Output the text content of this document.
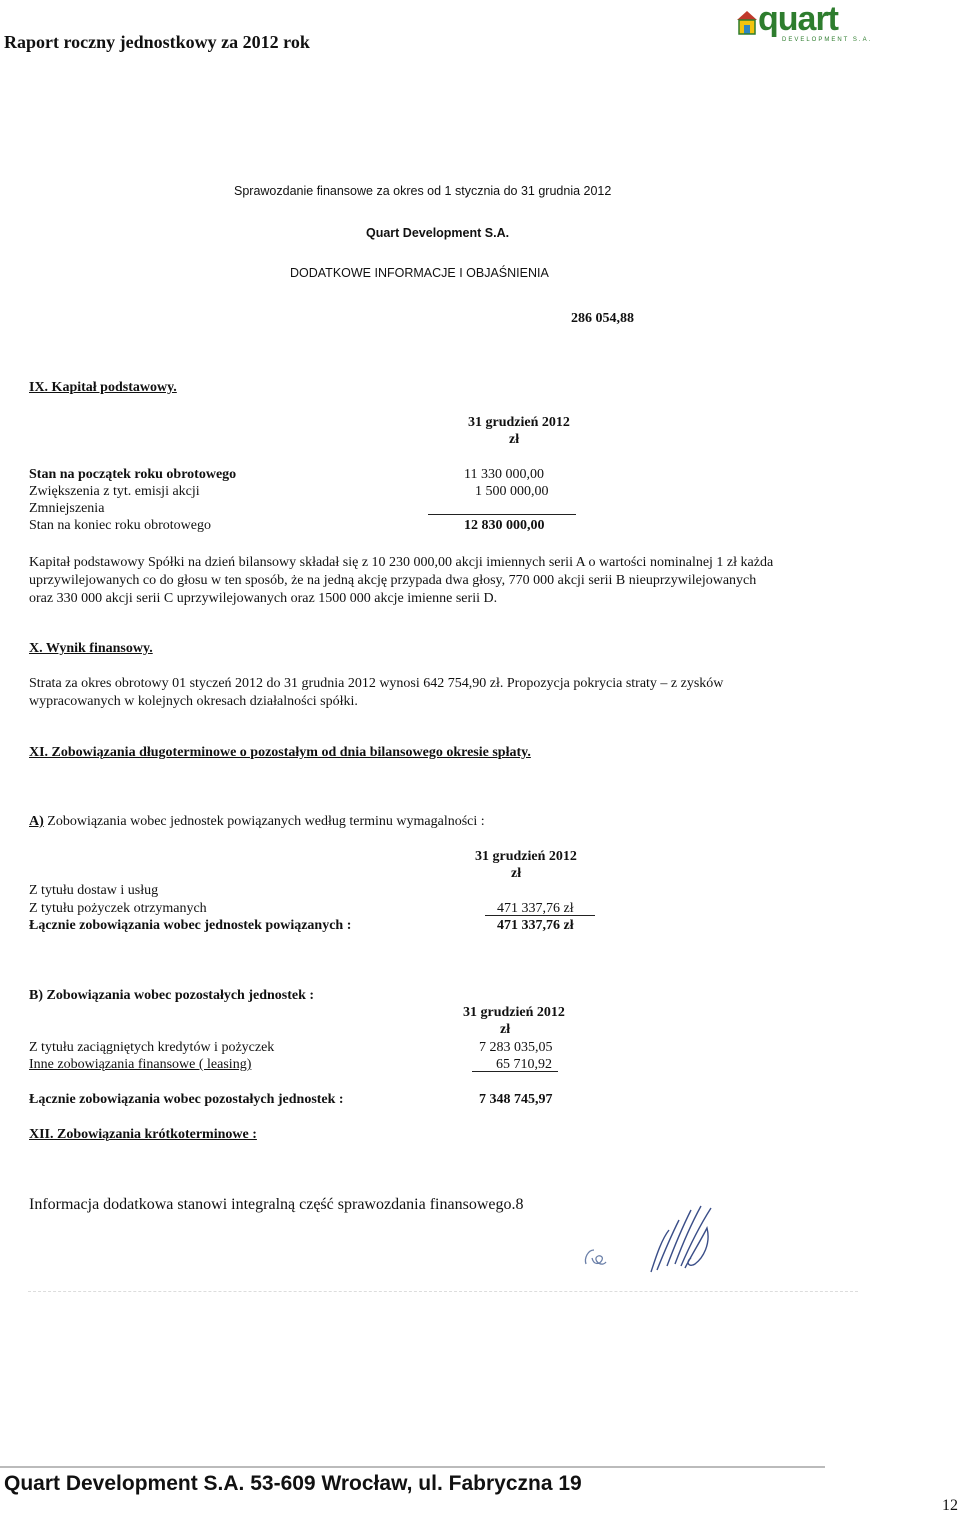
Raport roczny jednostkowy za 2012 rok
quart
DEVELOPMENT S.A.
Sprawozdanie finansowe za okres od 1 stycznia do 31 grudnia 2012
Quart Development S.A.
DODATKOWE INFORMACJE I OBJAŚNIENIA
286 054,88
IX. Kapitał podstawowy.
31 grudzień 2012
zł
Stan na początek roku obrotowego	11 330 000,00
Zwiększenia z tyt. emisji akcji	1 500 000,00
Zmniejszenia
Stan na koniec roku obrotowego	12 830 000,00
Kapitał podstawowy Spółki na dzień bilansowy składał się z 10 230 000,00 akcji imiennych serii A o wartości nominalnej 1 zł każda uprzywilejowanych co do głosu w ten sposób, że na jedną akcję przypada dwa głosy, 770 000 akcji serii B nieuprzywilejowanych oraz 330 000 akcji serii C uprzywilejowanych oraz 1500 000 akcje imienne serii D.
X. Wynik finansowy.
Strata za okres obrotowy 01 styczeń 2012 do 31 grudnia 2012 wynosi 642 754,90 zł. Propozycja pokrycia straty – z zysków wypracowanych w kolejnych okresach działalności spółki.
XI. Zobowiązania długoterminowe o pozostałym od dnia bilansowego okresie spłaty.
A) Zobowiązania wobec jednostek powiązanych według terminu wymagalności :
31 grudzień 2012
zł
Z tytułu dostaw i usług
Z tytułu pożyczek otrzymanych	471 337,76 zł
Łącznie zobowiązania wobec jednostek powiązanych :	471 337,76 zł
B) Zobowiązania wobec pozostałych jednostek :
31 grudzień 2012
zł
Z tytułu zaciągniętych kredytów i pożyczek	7 283 035,05
Inne zobowiązania finansowe ( leasing)	65 710,92
Łącznie zobowiązania wobec pozostałych jednostek :	7 348 745,97
XII. Zobowiązania krótkoterminowe :
Informacja dodatkowa stanowi integralną część sprawozdania finansowego.8
Quart Development S.A. 53-609 Wrocław, ul. Fabryczna 19
12
